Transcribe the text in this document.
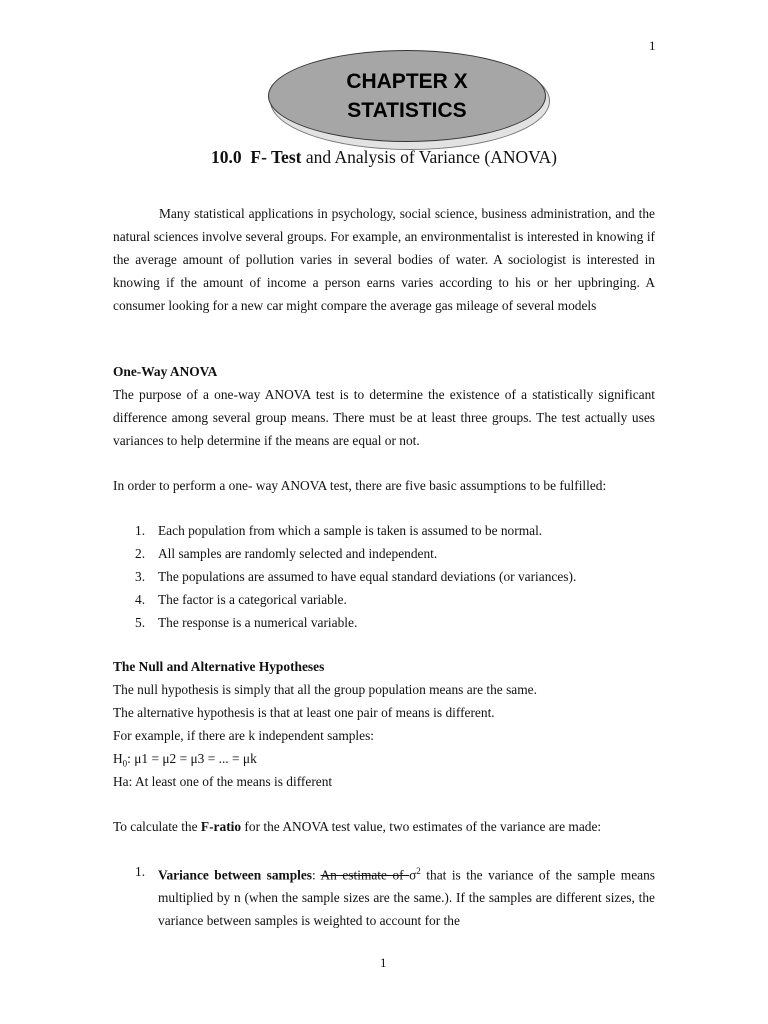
1
CHAPTER X
STATISTICS
10.0 F- Test and Analysis of Variance (ANOVA)
Many statistical applications in psychology, social science, business administration, and the natural sciences involve several groups. For example, an environmentalist is interested in knowing if the average amount of pollution varies in several bodies of water. A sociologist is interested in knowing if the amount of income a person earns varies according to his or her upbringing. A consumer looking for a new car might compare the average gas mileage of several models
One-Way ANOVA
The purpose of a one-way ANOVA test is to determine the existence of a statistically significant difference among several group means. There must be at least three groups. The test actually uses variances to help determine if the means are equal or not.
In order to perform a one- way ANOVA test, there are five basic assumptions to be fulfilled:
1. Each population from which a sample is taken is assumed to be normal.
2. All samples are randomly selected and independent.
3. The populations are assumed to have equal standard deviations (or variances).
4. The factor is a categorical variable.
5. The response is a numerical variable.
The Null and Alternative Hypotheses
The null hypothesis is simply that all the group population means are the same.
The alternative hypothesis is that at least one pair of means is different.
For example, if there are k independent samples:
$H_0$: μ1 = μ2 = μ3 = ... = μk
Ha: At least one of the means is different
To calculate the F-ratio for the ANOVA test value, two estimates of the variance are made:
1. Variance between samples: An estimate of $\sigma^2$ that is the variance of the sample means multiplied by n (when the sample sizes are the same.). If the samples are different sizes, the variance between samples is weighted to account for the
1
